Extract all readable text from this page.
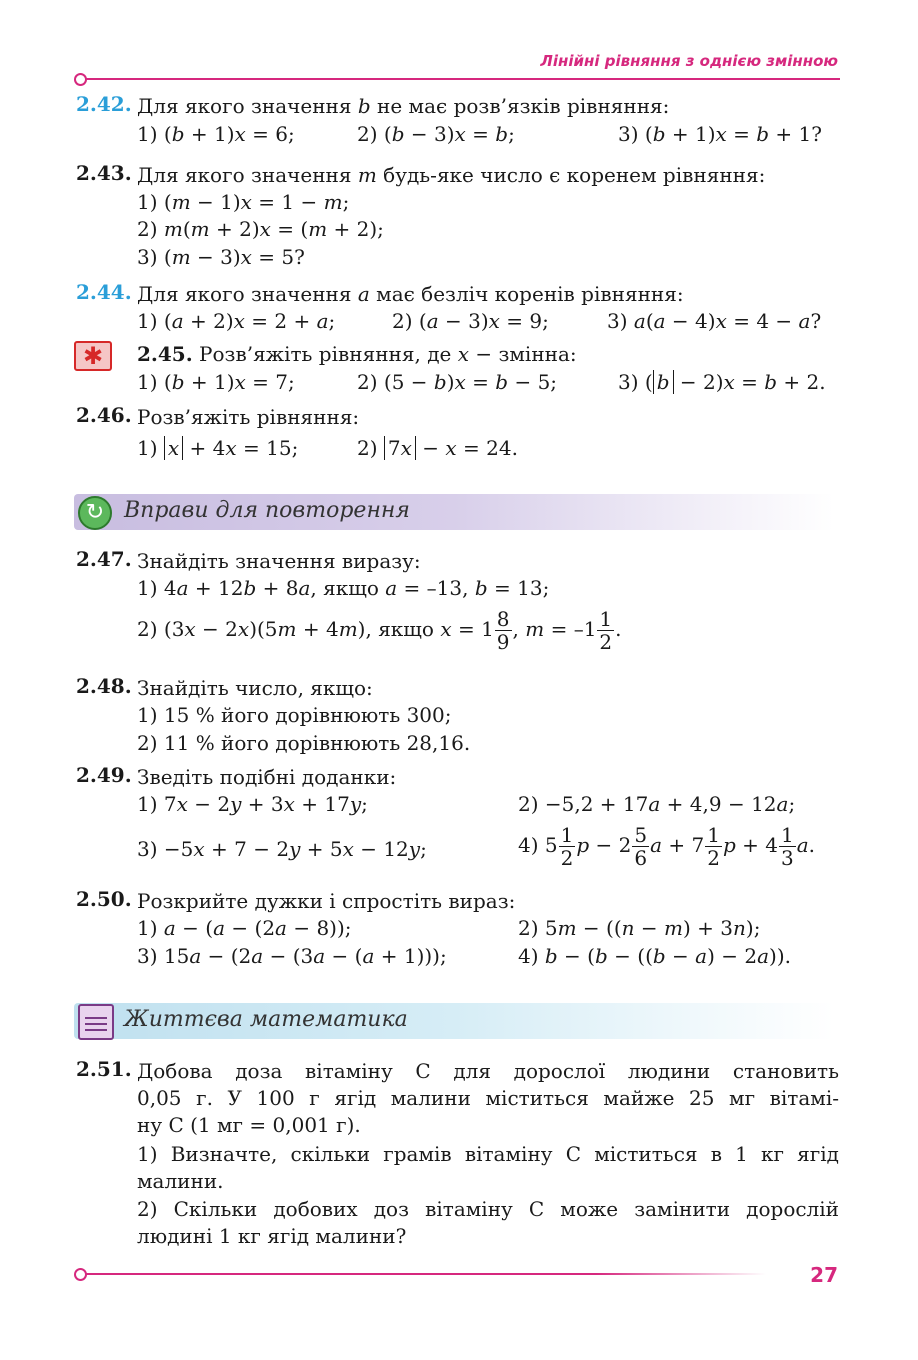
Лінійні рівняння з однією змінною
2.42. Для якого значення b не має розв’язків рівняння:
1) (b + 1)x = 6;	2) (b − 3)x = b;	3) (b + 1)x = b + 1?
2.43. Для якого значення m будь-яке число є коренем рівняння:
1) (m − 1)x = 1 − m;
2) m(m + 2)x = (m + 2);
3) (m − 3)x = 5?
2.44. Для якого значення a має безліч коренів рівняння:
1) (a + 2)x = 2 + a;	2) (a − 3)x = 9;	3) a(a − 4)x = 4 − a?
✱	2.45. Розв’яжіть рівняння, де x − змінна:
1) (b + 1)x = 7;	2) (5 − b)x = b − 5;	3) ( b − 2)x = b + 2.
2.46. Розв’яжіть рівняння:
1) x + 4x = 15;	2) 7x − x = 24.
↻ Вправи для повторення
2.47. Знайдіть значення виразу:
1) 4a + 12b + 8a, якщо a = –13, b = 13;
2) (3x − 2x)(5m + 4m), якщо $x = 1 \frac{8}{9}$ , $m = -1 \frac{1}{2}$ .
2.48. Знайдіть число, якщо:
1) 15 % його дорівнюють 300;
2) 11 % його дорівнюють 28,16.
2.49. Зведіть подібні доданки:
1) 7x − 2y + 3x + 17y;	2) −5,2 + 17a + 4,9 − 12a;
3) −5x + 7 − 2y + 5x − 12y;	4) $5 \frac{1}{2}$ $p - 2 \frac{5}{6}$ $a + 7 \frac{1}{2}$ $p + 4 \frac{1}{3} a$.
2.50. Розкрийте дужки і спростіть вираз:
1) a − (a − (2a − 8));	2) 5m − ((n − m) + 3n);
3) 15a − (2a − (3a − (a + 1)));	4) b − (b − ((b − a) − 2a)).
Життєва математика
2.51. Добова доза вітаміну С для дорослої людини становить
0,05 г. У 100 г ягід малини міститься майже 25 мг вітамі-
ну С (1 мг = 0,001 г).
1) Визначте, скільки грамів вітаміну С міститься в 1 кг ягід
малини.
2) Скільки добових доз вітаміну С може замінити дорослій
людині 1 кг ягід малини?
27
